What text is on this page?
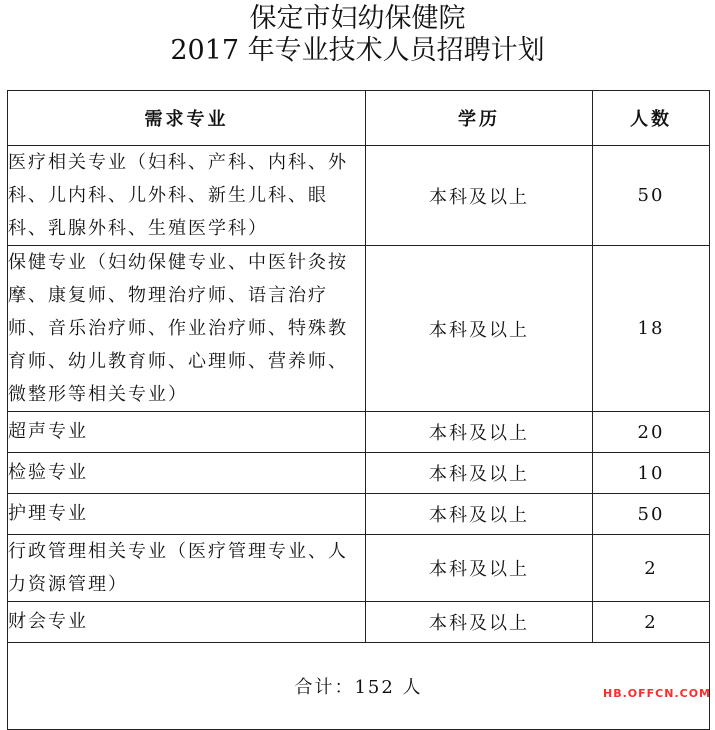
保定市妇幼保健院
2017 年专业技术人员招聘计划
需求专业	学历	人数
医疗相关专业（妇科、产科、内科、外科、儿内科、儿外科、新生儿科、眼科、乳腺外科、生殖医学科）	本科及以上	50
保健专业（妇幼保健专业、中医针灸按摩、康复师、物理治疗师、语言治疗师、音乐治疗师、作业治疗师、特殊教育师、幼儿教育师、心理师、营养师、微整形等相关专业）	本科及以上	18
超声专业	本科及以上	20
检验专业	本科及以上	10
护理专业	本科及以上	50
行政管理相关专业（医疗管理专业、人力资源管理）	本科及以上	2
财会专业	本科及以上	2
合计：152 人			HB.OFFCN.COM
